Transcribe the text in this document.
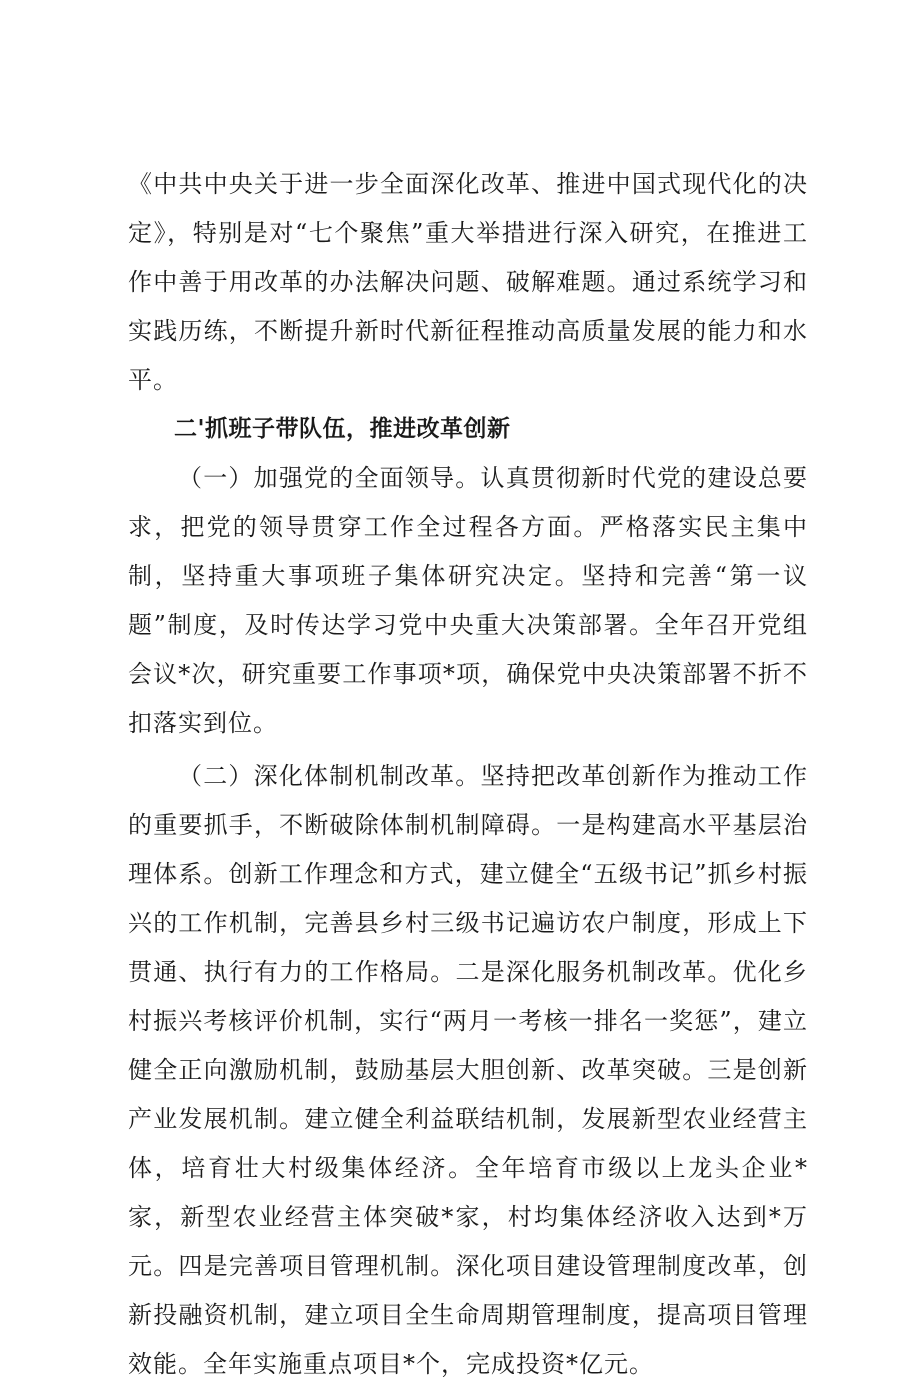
《中共中央关于进一步全面深化改革、推进中国式现代化的决定》，特别是对“七个聚焦”重大举措进行深入研究，在推进工作中善于用改革的办法解决问题、破解难题。通过系统学习和实践历练，不断提升新时代新征程推动高质量发展的能力和水平。

二'抓班子带队伍，推进改革创新

（一）加强党的全面领导。认真贯彻新时代党的建设总要求，把党的领导贯穿工作全过程各方面。严格落实民主集中制，坚持重大事项班子集体研究决定。坚持和完善“第一议题”制度，及时传达学习党中央重大决策部署。全年召开党组会议*次，研究重要工作事项*项，确保党中央决策部署不折不扣落实到位。

（二）深化体制机制改革。坚持把改革创新作为推动工作的重要抓手，不断破除体制机制障碍。一是构建高水平基层治理体系。创新工作理念和方式，建立健全“五级书记”抓乡村振兴的工作机制，完善县乡村三级书记遍访农户制度，形成上下贯通、执行有力的工作格局。二是深化服务机制改革。优化乡村振兴考核评价机制，实行“两月一考核一排名一奖惩”，建立健全正向激励机制，鼓励基层大胆创新、改革突破。三是创新产业发展机制。建立健全利益联结机制，发展新型农业经营主体，培育壮大村级集体经济。全年培育市级以上龙头企业*家，新型农业经营主体突破*家，村均集体经济收入达到*万元。四是完善项目管理机制。深化项目建设管理制度改革，创新投融资机制，建立项目全生命周期管理制度，提高项目管理效能。全年实施重点项目*个，完成投资*亿元。
